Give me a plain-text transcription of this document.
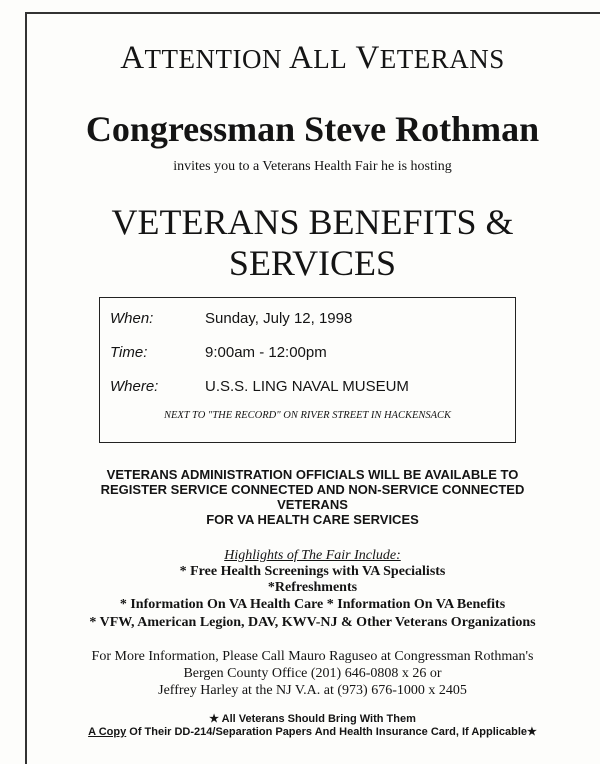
ATTENTION ALL VETERANS
Congressman Steve Rothman
invites you to a Veterans Health Fair he is hosting
VETERANS BENEFITS &
SERVICES
When:	Sunday, July 12, 1998
Time:	9:00am - 12:00pm
Where:	U.S.S. LING NAVAL MUSEUM
NEXT TO "THE RECORD" ON RIVER STREET IN HACKENSACK
VETERANS ADMINISTRATION OFFICIALS WILL BE AVAILABLE TO
REGISTER SERVICE CONNECTED AND NON-SERVICE CONNECTED
VETERANS
FOR VA HEALTH CARE SERVICES
Highlights of The Fair Include:
* Free Health Screenings with VA Specialists
*Refreshments
* Information On VA Health Care * Information On VA Benefits
* VFW, American Legion, DAV, KWV-NJ & Other Veterans Organizations
For More Information, Please Call Mauro Raguseo at Congressman Rothman's
Bergen County Office (201) 646-0808 x 26 or
Jeffrey Harley at the NJ V.A. at (973) 676-1000 x 2405
★ All Veterans Should Bring With Them
A Copy Of Their DD-214/Separation Papers And Health Insurance Card, If Applicable★
